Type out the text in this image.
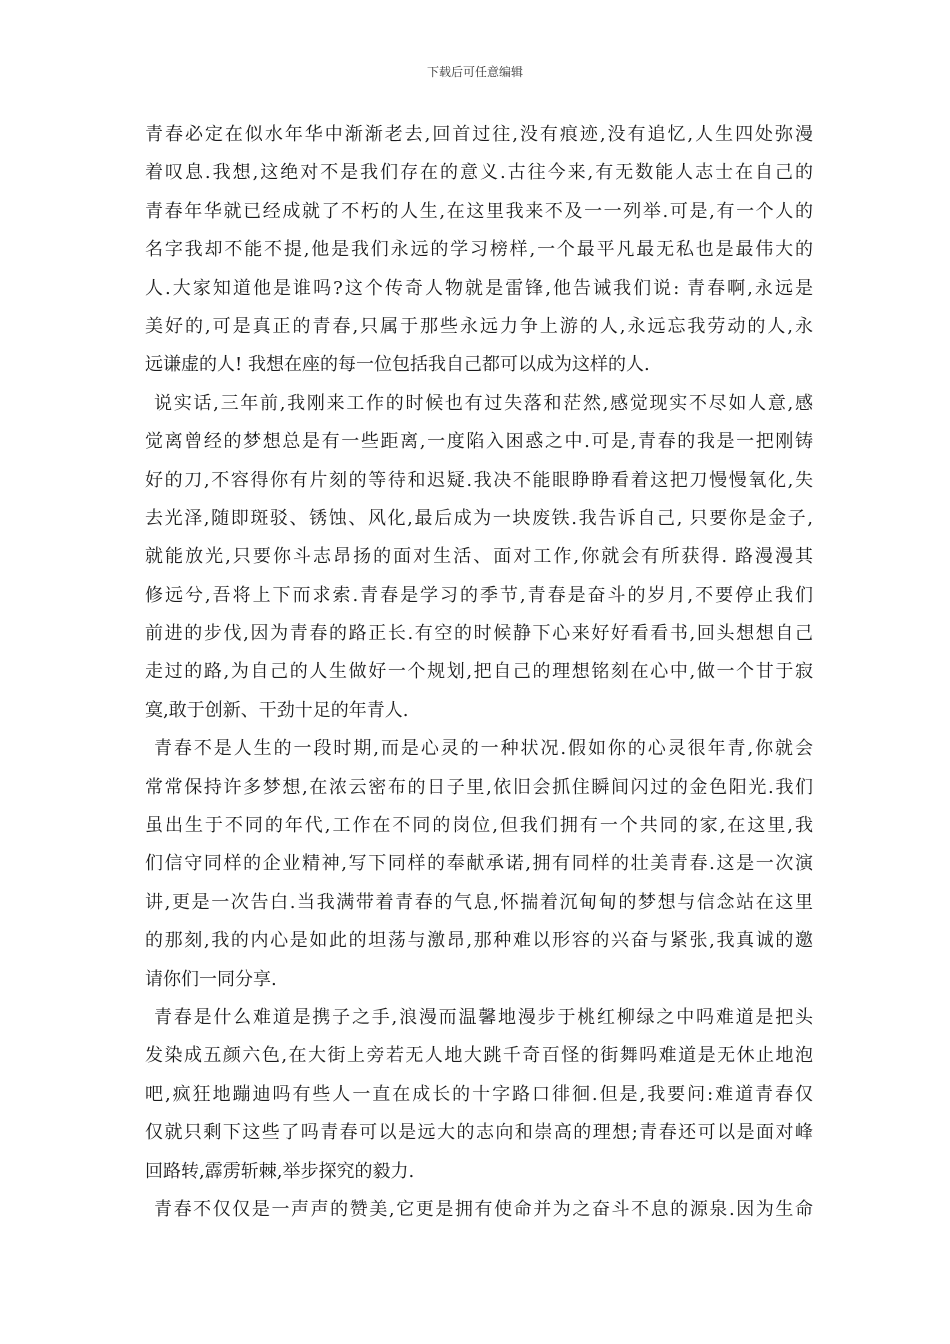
下载后可任意编辑
青春必定在似水年华中渐渐老去,回首过往,没有痕迹,没有追忆,人生四处弥漫
着叹息.我想,这绝对不是我们存在的意义.古往今来,有无数能人志士在自己的
青春年华就已经成就了不朽的人生,在这里我来不及一一列举.可是,有一个人的
名字我却不能不提,他是我们永远的学习榜样,一个最平凡最无私也是最伟大的
人.大家知道他是谁吗?这个传奇人物就是雷锋,他告诫我们说: 青春啊,永远是
美好的,可是真正的青春,只属于那些永远力争上游的人,永远忘我劳动的人,永
远谦虚的人! 我想在座的每一位包括我自己都可以成为这样的人.
说实话,三年前,我刚来工作的时候也有过失落和茫然,感觉现实不尽如人意,感
觉离曾经的梦想总是有一些距离,一度陷入困惑之中.可是,青春的我是一把刚铸
好的刀,不容得你有片刻的等待和迟疑.我决不能眼睁睁看着这把刀慢慢氧化,失
去光泽,随即斑驳、锈蚀、风化,最后成为一块废铁.我告诉自己, 只要你是金子,
就能放光,只要你斗志昂扬的面对生活、面对工作,你就会有所获得. 路漫漫其
修远兮,吾将上下而求索.青春是学习的季节,青春是奋斗的岁月,不要停止我们
前进的步伐,因为青春的路正长.有空的时候静下心来好好看看书,回头想想自己
走过的路,为自己的人生做好一个规划,把自己的理想铭刻在心中,做一个甘于寂
寞,敢于创新、干劲十足的年青人.
青春不是人生的一段时期,而是心灵的一种状况.假如你的心灵很年青,你就会
常常保持许多梦想,在浓云密布的日子里,依旧会抓住瞬间闪过的金色阳光.我们
虽出生于不同的年代,工作在不同的岗位,但我们拥有一个共同的家,在这里,我
们信守同样的企业精神,写下同样的奉献承诺,拥有同样的壮美青春.这是一次演
讲,更是一次告白.当我满带着青春的气息,怀揣着沉甸甸的梦想与信念站在这里
的那刻,我的内心是如此的坦荡与激昂,那种难以形容的兴奋与紧张,我真诚的邀
请你们一同分享.
青春是什么难道是携子之手,浪漫而温馨地漫步于桃红柳绿之中吗难道是把头
发染成五颜六色,在大街上旁若无人地大跳千奇百怪的街舞吗难道是无休止地泡
吧,疯狂地蹦迪吗有些人一直在成长的十字路口徘徊.但是,我要问:难道青春仅
仅就只剩下这些了吗青春可以是远大的志向和崇高的理想;青春还可以是面对峰
回路转,霹雳斩棘,举步探究的毅力.
青春不仅仅是一声声的赞美,它更是拥有使命并为之奋斗不息的源泉.因为生命
